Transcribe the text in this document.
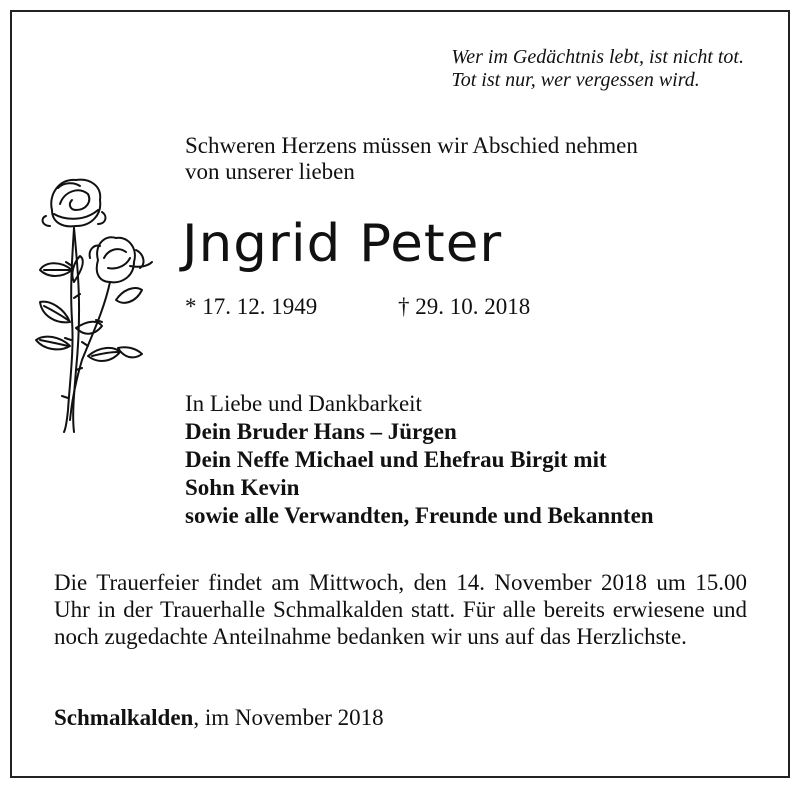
Wer im Gedächtnis lebt, ist nicht tot.
Tot ist nur, wer vergessen wird.
Schweren Herzens müssen wir Abschied nehmen
von unserer lieben
Jngrid Peter
* 17. 12. 1949	† 29. 10. 2018
In Liebe und Dankbarkeit
Dein Bruder Hans – Jürgen
Dein Neffe Michael und Ehefrau Birgit mit
Sohn Kevin
sowie alle Verwandten, Freunde und Bekannten
Die Trauerfeier findet am Mittwoch, den 14. November 2018 um 15.00 Uhr in der Trauerhalle Schmalkalden statt. Für alle bereits erwiesene und noch zugedachte Anteilnahme bedanken wir uns auf das Herzlichste.
Schmalkalden, im November 2018
